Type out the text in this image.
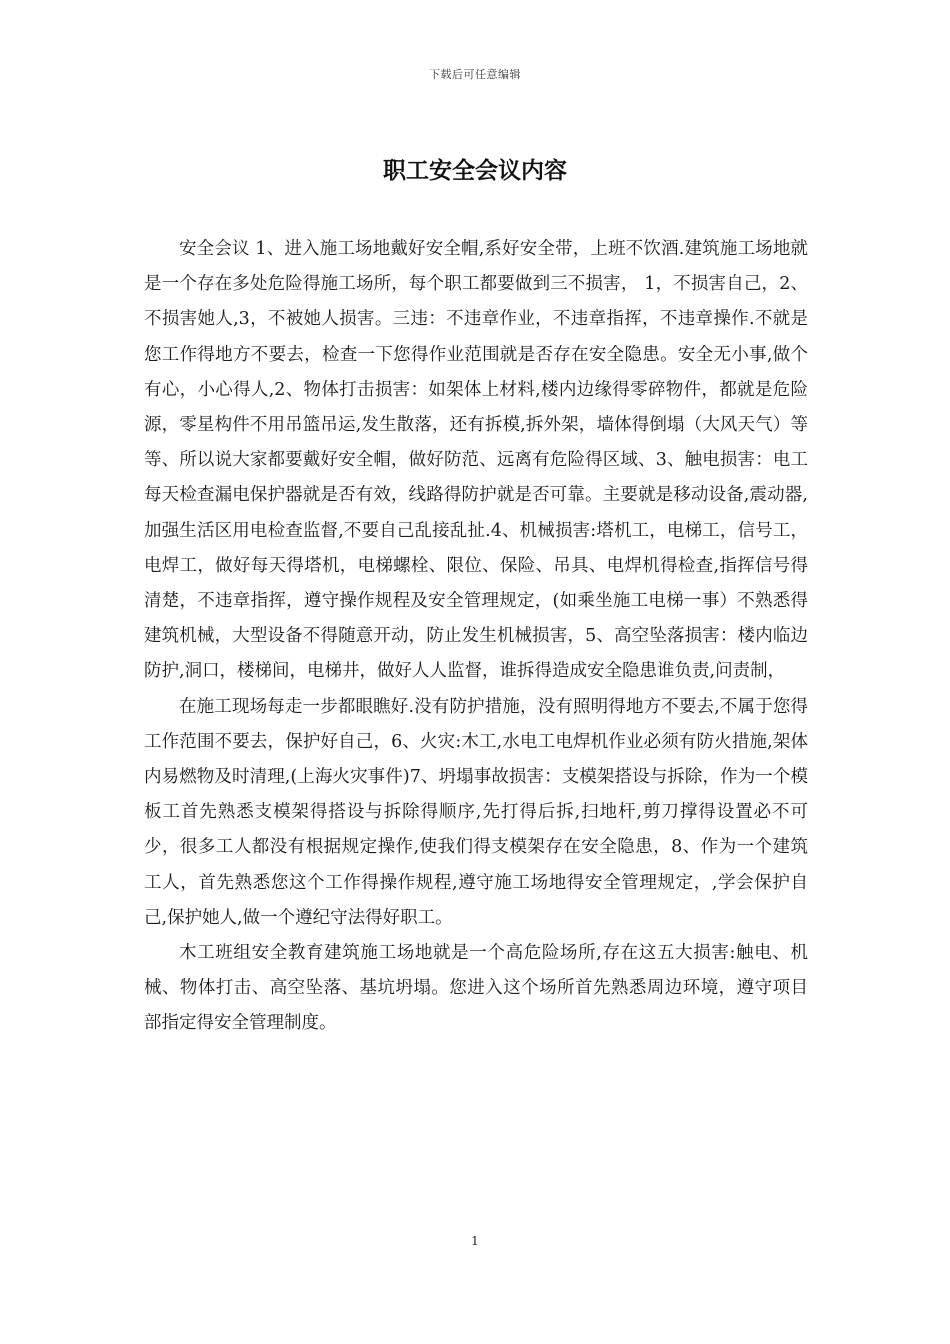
下载后可任意编辑
职工安全会议内容

安全会议 1、进入施工场地戴好安全帽,系好安全带，上班不饮酒.建筑施工场地就是一个存在多处危险得施工场所，每个职工都要做到三不损害， 1，不损害自己，2、不损害她人,3，不被她人损害。三违：不违章作业，不违章指挥，不违章操作.不就是您工作得地方不要去，检查一下您得作业范围就是否存在安全隐患。安全无小事,做个有心，小心得人,2、物体打击损害：如架体上材料,楼内边缘得零碎物件，都就是危险源，零星构件不用吊篮吊运,发生散落，还有拆模,拆外架，墙体得倒塌（大风天气）等等、所以说大家都要戴好安全帽，做好防范、远离有危险得区域、3、触电损害：电工每天检查漏电保护器就是否有效，线路得防护就是否可靠。主要就是移动设备,震动器,加强生活区用电检查监督,不要自己乱接乱扯.4、机械损害:塔机工，电梯工，信号工，电焊工，做好每天得塔机，电梯螺栓、限位、保险、吊具、电焊机得检查,指挥信号得清楚，不违章指挥，遵守操作规程及安全管理规定，(如乘坐施工电梯一事）不熟悉得建筑机械，大型设备不得随意开动，防止发生机械损害，5、高空坠落损害：楼内临边防护,洞口，楼梯间，电梯井，做好人人监督，谁拆得造成安全隐患谁负责,问责制，

在施工现场每走一步都眼瞧好.没有防护措施，没有照明得地方不要去,不属于您得工作范围不要去，保护好自己，6、火灾:木工,水电工电焊机作业必须有防火措施,架体内易燃物及时清理,(上海火灾事件)7、坍塌事故损害：支模架搭设与拆除，作为一个模板工首先熟悉支模架得搭设与拆除得顺序,先打得后拆,扫地杆,剪刀撑得设置必不可少，很多工人都没有根据规定操作,使我们得支模架存在安全隐患，8、作为一个建筑工人，首先熟悉您这个工作得操作规程,遵守施工场地得安全管理规定，,学会保护自己,保护她人,做一个遵纪守法得好职工。

木工班组安全教育建筑施工场地就是一个高危险场所,存在这五大损害:触电、机械、物体打击、高空坠落、基坑坍塌。您进入这个场所首先熟悉周边环境，遵守项目部指定得安全管理制度。

1
